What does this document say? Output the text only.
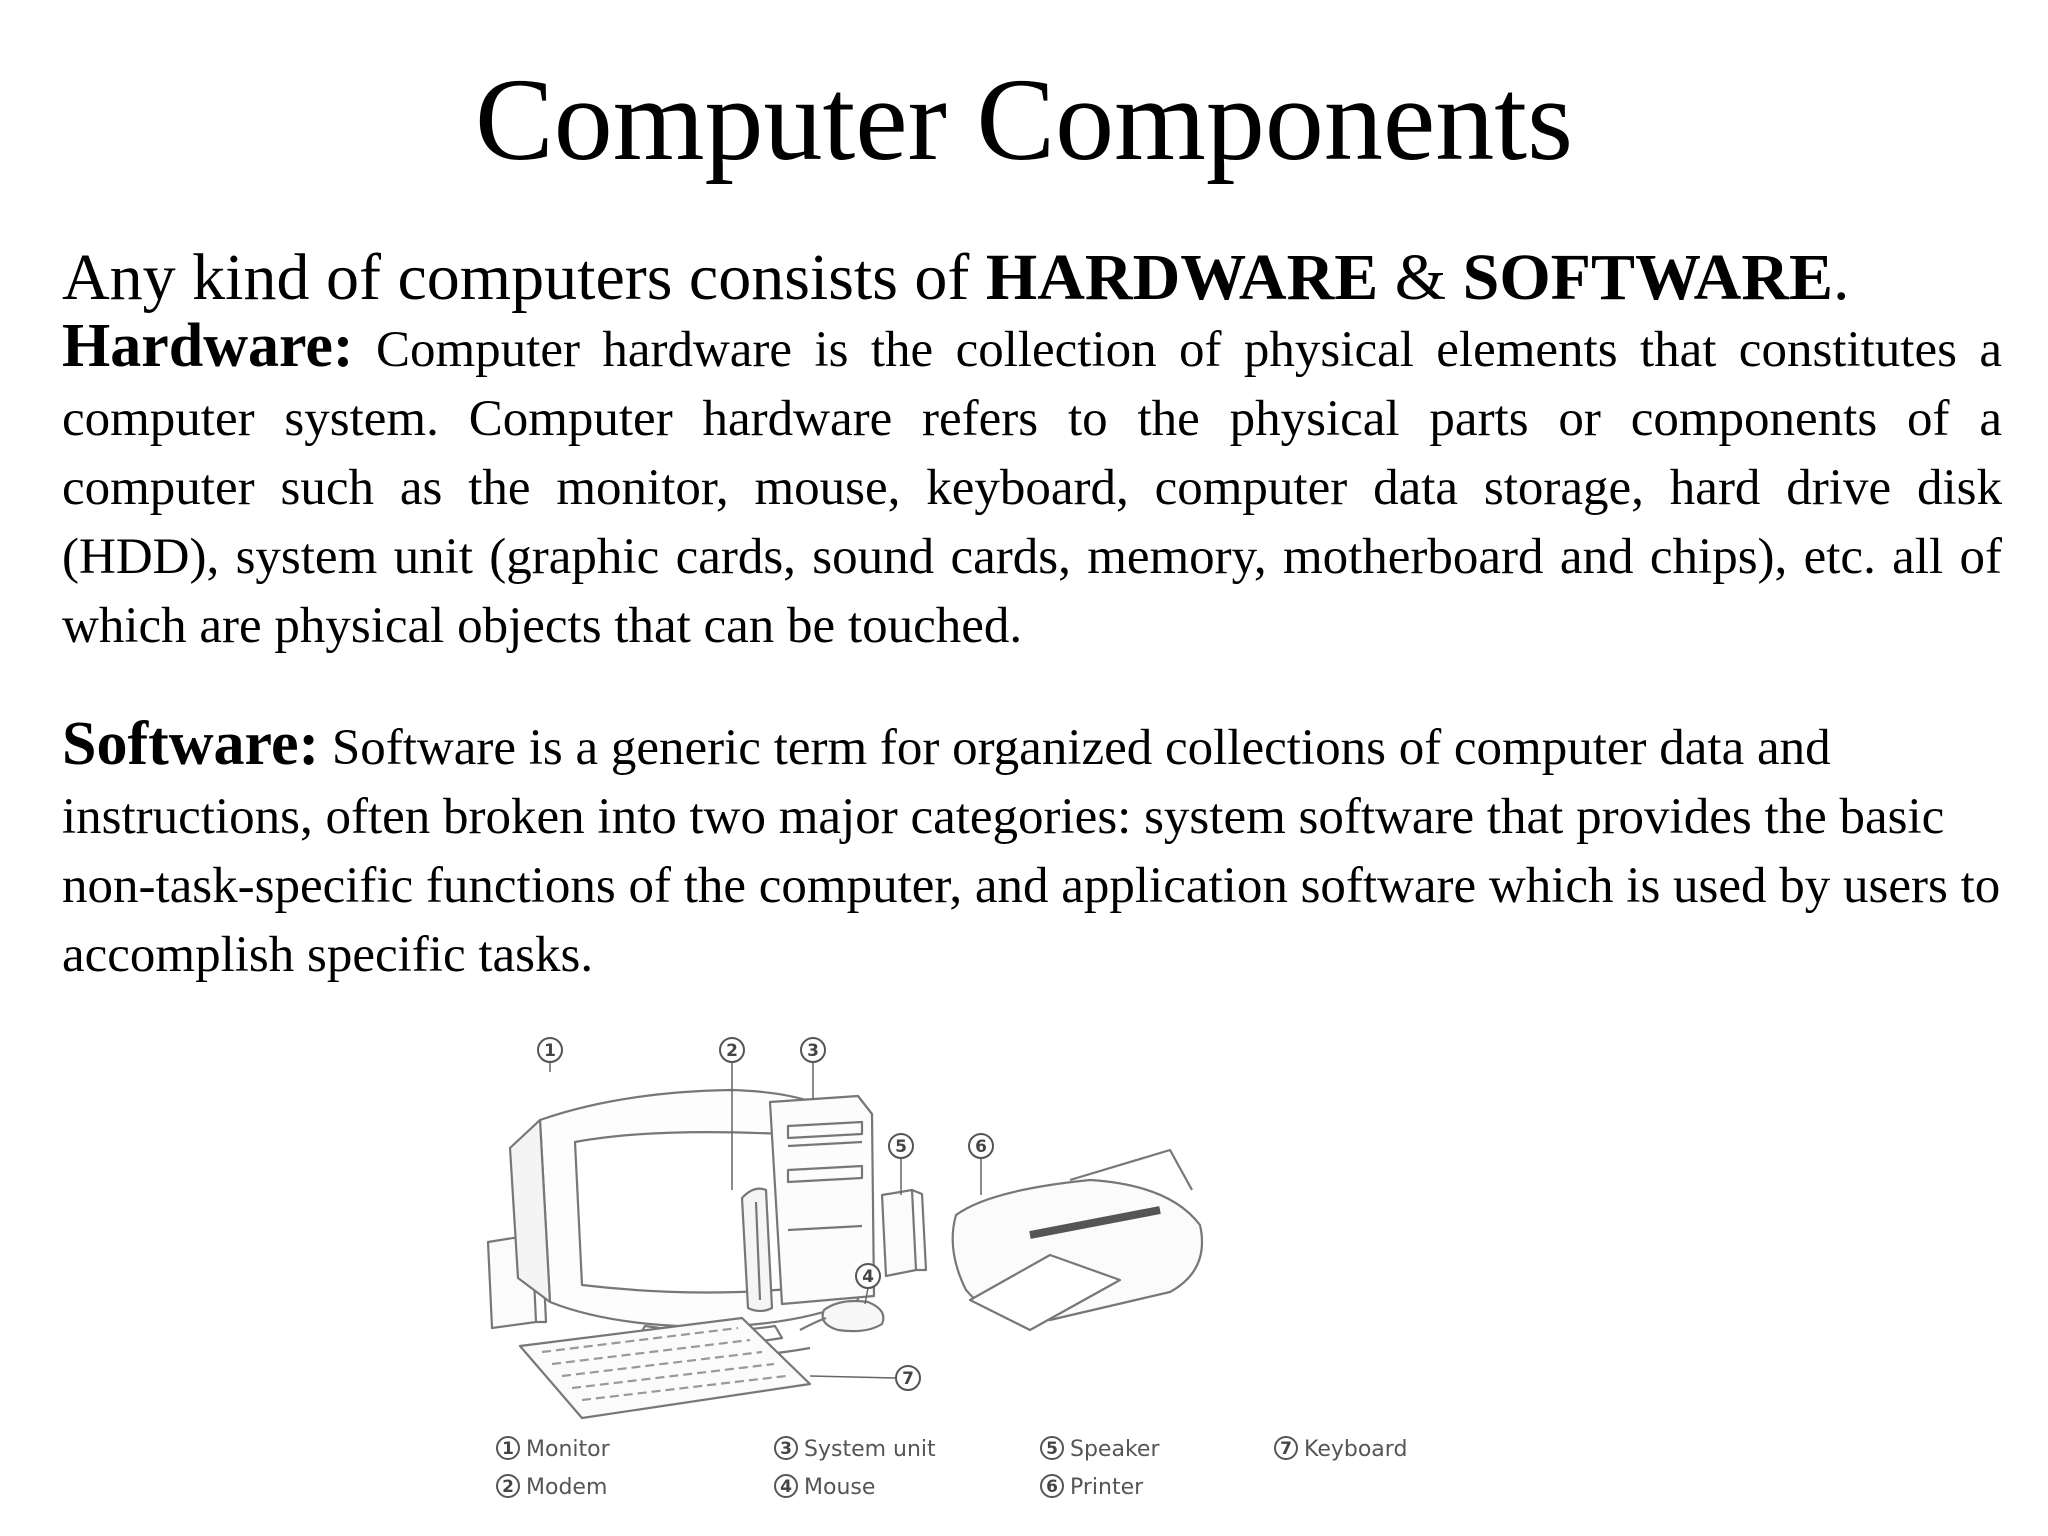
Computer Components
Any kind of computers consists of HARDWARE & SOFTWARE.
Hardware: Computer hardware is the collection of physical elements that constitutes a computer system. Computer hardware refers to the physical parts or components of a computer such as the monitor, mouse, keyboard, computer data storage, hard drive disk (HDD), system unit (graphic cards, sound cards, memory, motherboard and chips), etc. all of which are physical objects that can be touched.
Software: Software is a generic term for organized collections of computer data and instructions, often broken into two major categories: system software that provides the basic non-task-specific functions of the computer, and application software which is used by users to accomplish specific tasks.
1	2	3
4
5	6
7
1 Monitor
2 Modem
3 System unit
4 Mouse
5 Speaker
6 Printer
7 Keyboard
